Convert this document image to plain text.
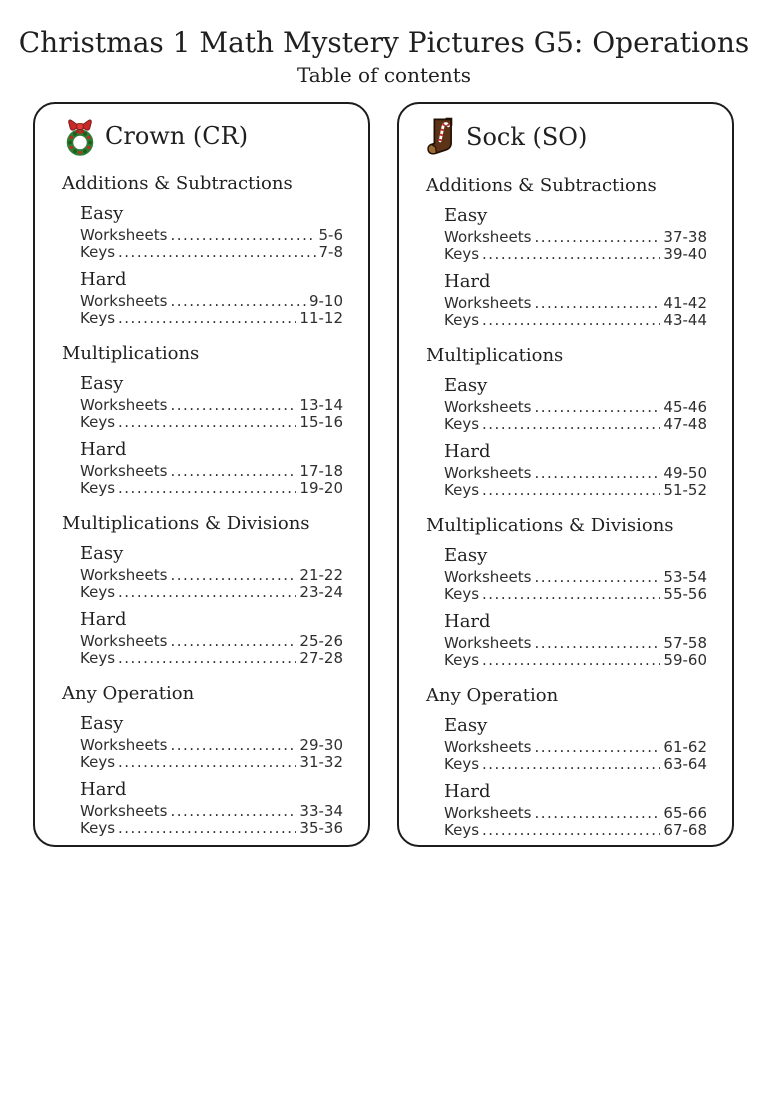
Christmas 1 Math Mystery Pictures G5: Operations
Table of contents
Crown (CR)
Additions & Subtractions
Easy
Worksheets .....	5-6
Keys .....	7-8
Hard
Worksheets .....	9-10
Keys .....	11-12
Multiplications
Easy
Worksheets .....	13-14
Keys .....	15-16
Hard
Worksheets .....	17-18
Keys .....	19-20
Multiplications & Divisions
Easy
Worksheets .....	21-22
Keys .....	23-24
Hard
Worksheets .....	25-26
Keys .....	27-28
Any Operation
Easy
Worksheets .....	29-30
Keys .....	31-32
Hard
Worksheets .....	33-34
Keys .....	35-36
Sock (SO)
Additions & Subtractions
Easy
Worksheets .....	37-38
Keys .....	39-40
Hard
Worksheets .....	41-42
Keys .....	43-44
Multiplications
Easy
Worksheets .....	45-46
Keys .....	47-48
Hard
Worksheets .....	49-50
Keys .....	51-52
Multiplications & Divisions
Easy
Worksheets .....	53-54
Keys .....	55-56
Hard
Worksheets .....	57-58
Keys .....	59-60
Any Operation
Easy
Worksheets .....	61-62
Keys .....	63-64
Hard
Worksheets .....	65-66
Keys .....	67-68
